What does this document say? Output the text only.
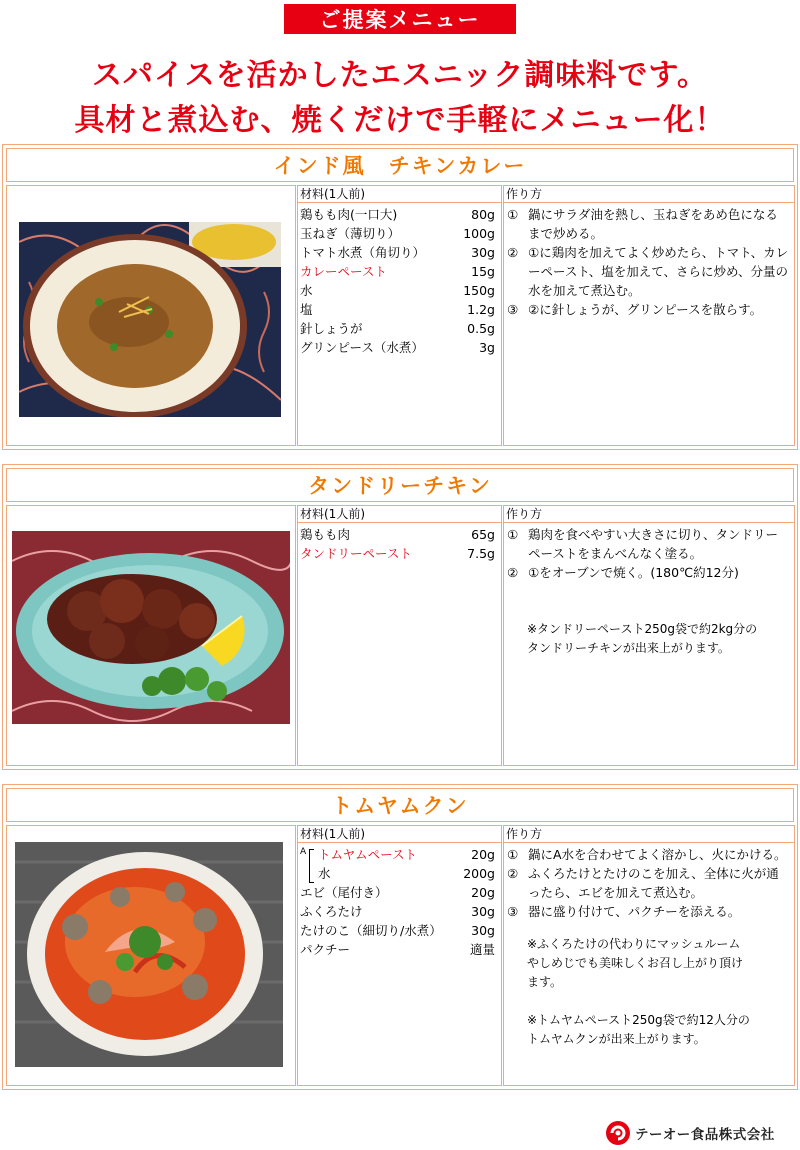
ご提案メニュー
スパイスを活かしたエスニック調味料です。
具材と煮込む、焼くだけで手軽にメニュー化！
インド風　チキンカレー
材料(1人前)
鶏もも肉(一口大)	80g
玉ねぎ（薄切り）	100g
トマト水煮（角切り）	30g
カレーペースト	15g
水	150g
塩	1.2g
針しょうが	0.5g
グリンピース（水煮）	3g
作り方
① 鍋にサラダ油を熱し、玉ねぎをあめ色になるまで炒める。
② ①に鶏肉を加えてよく炒めたら、トマト、カレーペースト、塩を加えて、さらに炒め、分量の水を加えて煮込む。
③ ②に針しょうが、グリンピースを散らす。
タンドリーチキン
材料(1人前)
鶏もも肉	65g
タンドリーペースト	7.5g
作り方
① 鶏肉を食べやすい大きさに切り、タンドリーペーストをまんべんなく塗る。
② ①をオーブンで焼く。(180℃約12分)
※タンドリーペースト250g袋で約2kg分の
タンドリーチキンが出来上がります。
トムヤムクン
材料(1人前)
A トムヤムペースト	20g
水	200g
エビ（尾付き）	20g
ふくろたけ	30g
たけのこ（細切り/水煮） 30g
パクチー	適量
作り方
① 鍋にA水を合わせてよく溶かし、火にかける。
② ふくろたけとたけのこを加え、全体に火が通ったら、エビを加えて煮込む。
③ 器に盛り付けて、パクチーを添える。
※ふくろたけの代わりにマッシュルーム
やしめじでも美味しくお召し上がり頂け
ます。
※トムヤムペースト250g袋で約12人分の
トムヤムクンが出来上がります。
テーオー食品株式会社
